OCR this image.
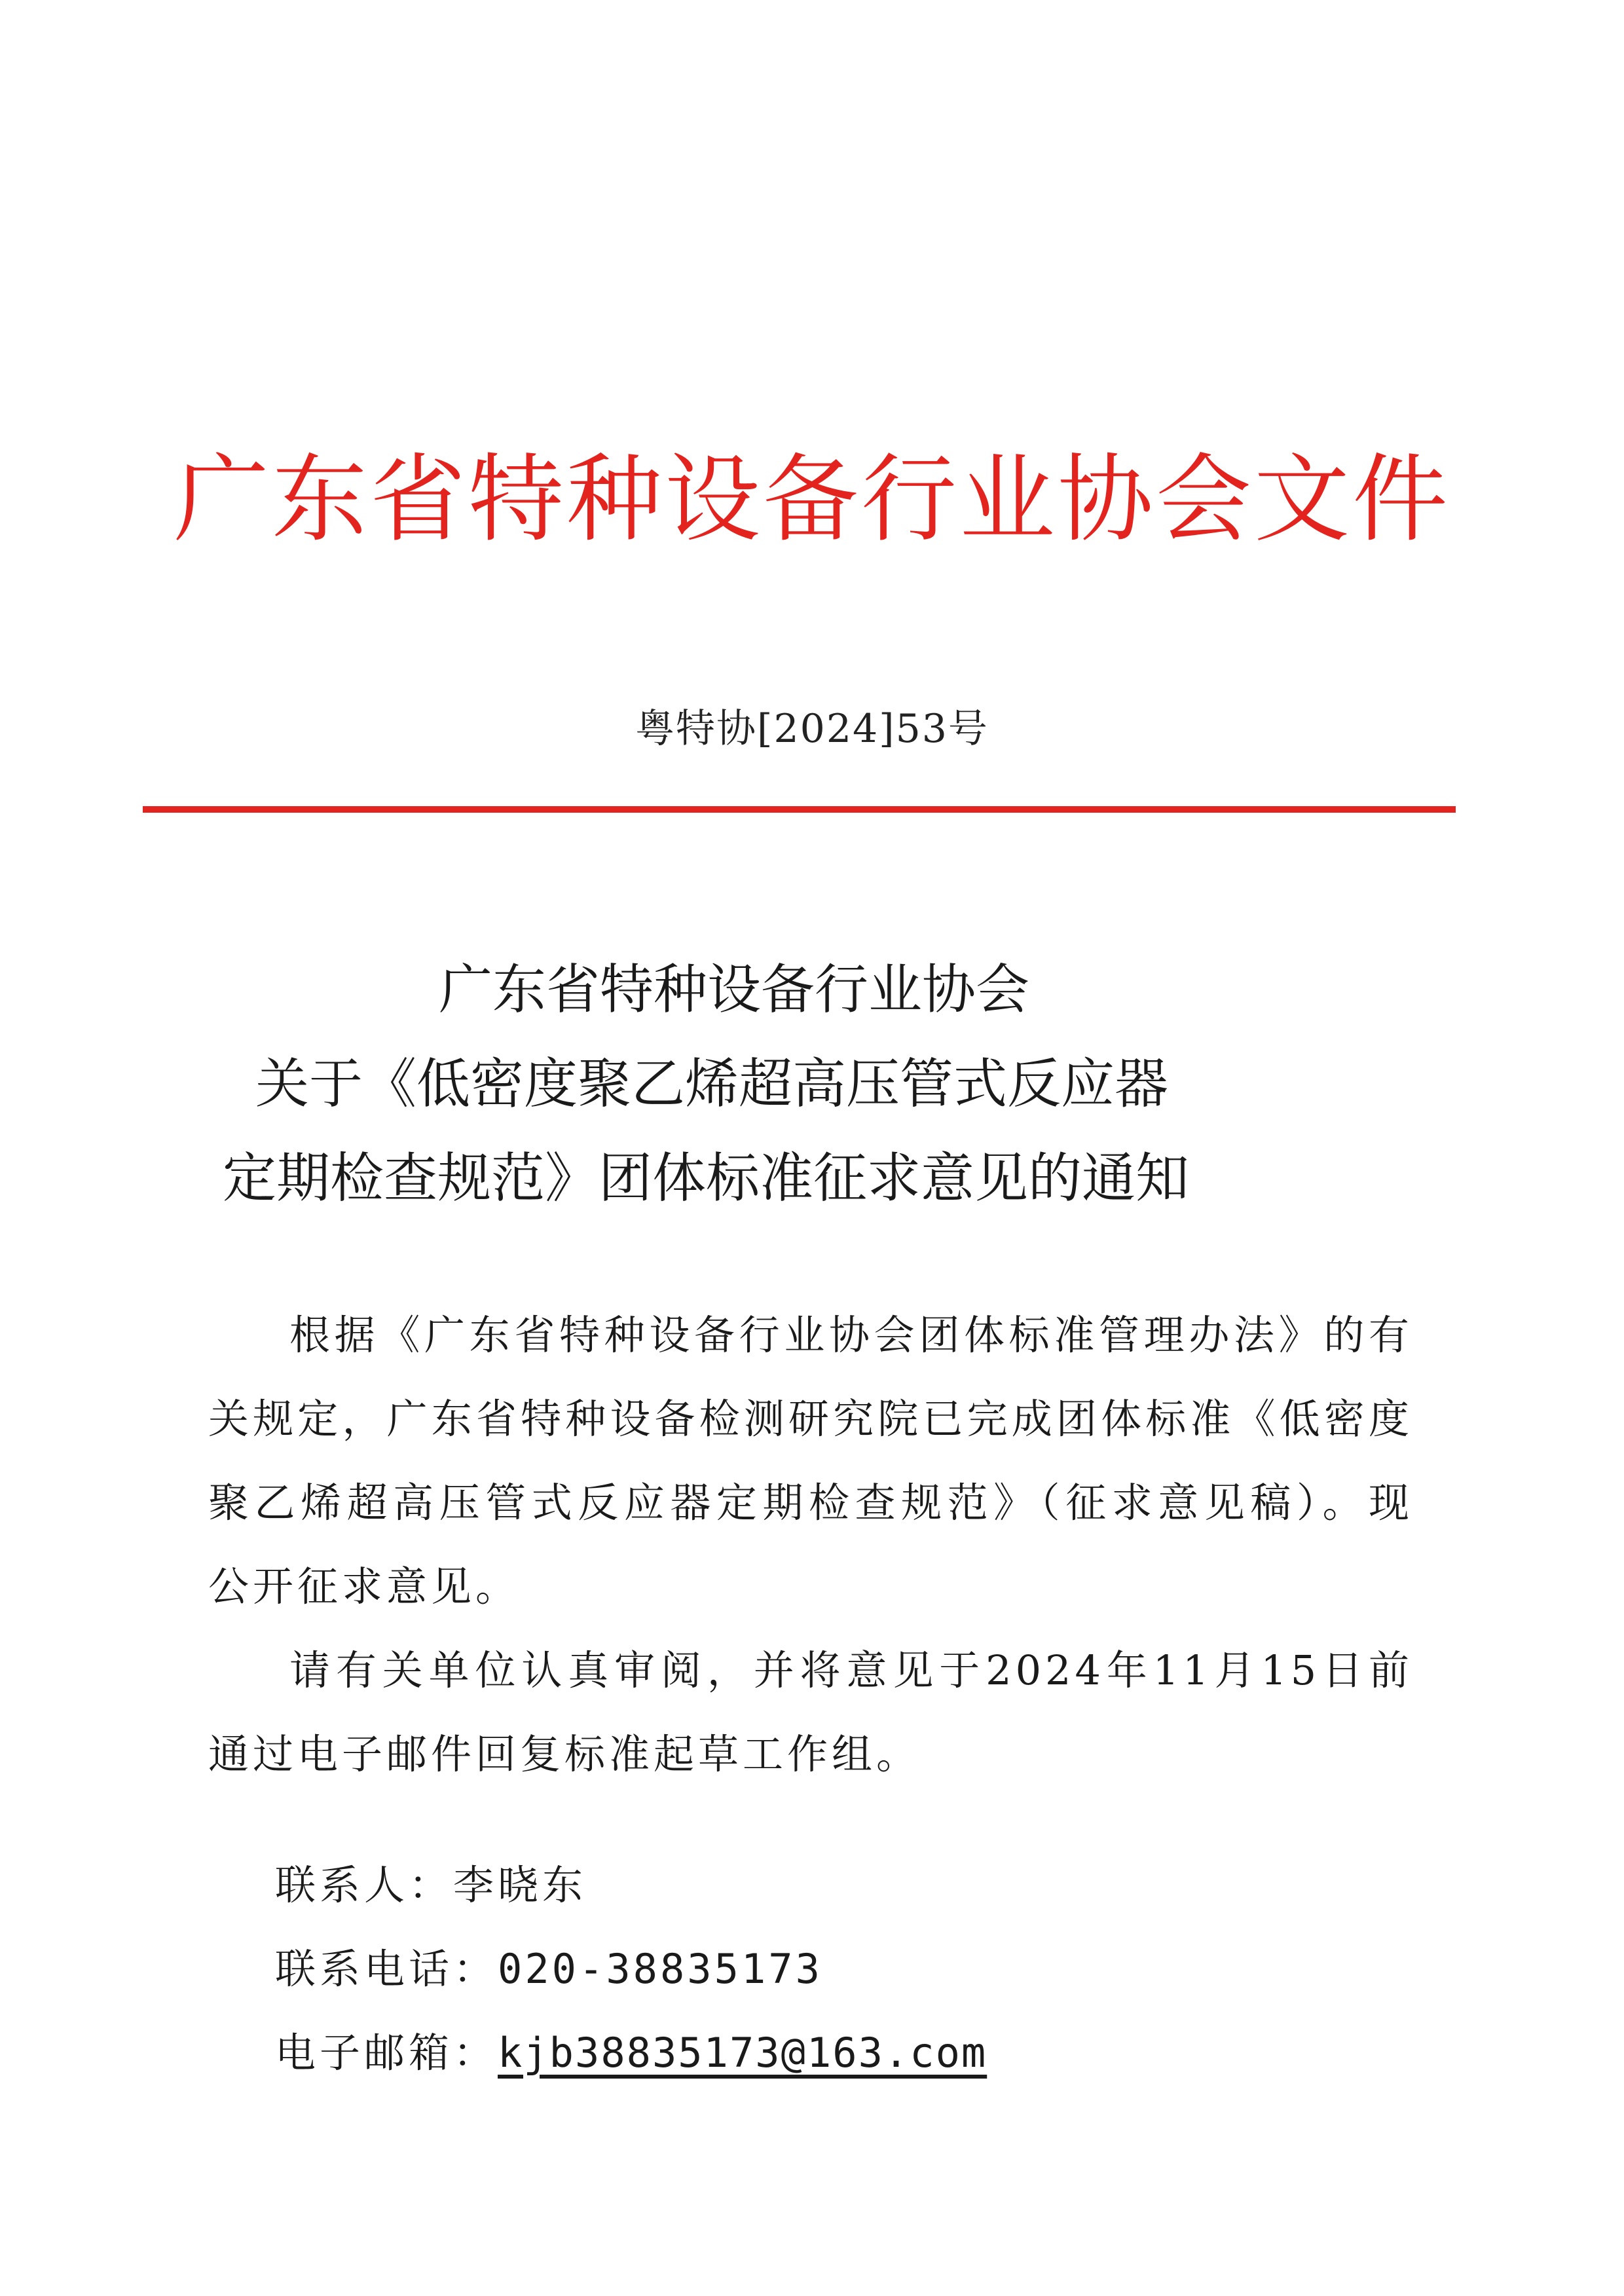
广东省特种设备行业协会文件
粤特协[2024]53号
广东省特种设备行业协会
关于《低密度聚乙烯超高压管式反应器
定期检查规范》团体标准征求意见的通知

根据《广东省特种设备行业协会团体标准管理办法》的有关规定，广东省特种设备检测研究院已完成团体标准《低密度聚乙烯超高压管式反应器定期检查规范》（征求意见稿）。现公开征求意见。

请有关单位认真审阅，并将意见于2024年11月15日前通过电子邮件回复标准起草工作组。

联系人：李晓东
联系电话：020-38835173
电子邮箱：kjb38835173@163.com
